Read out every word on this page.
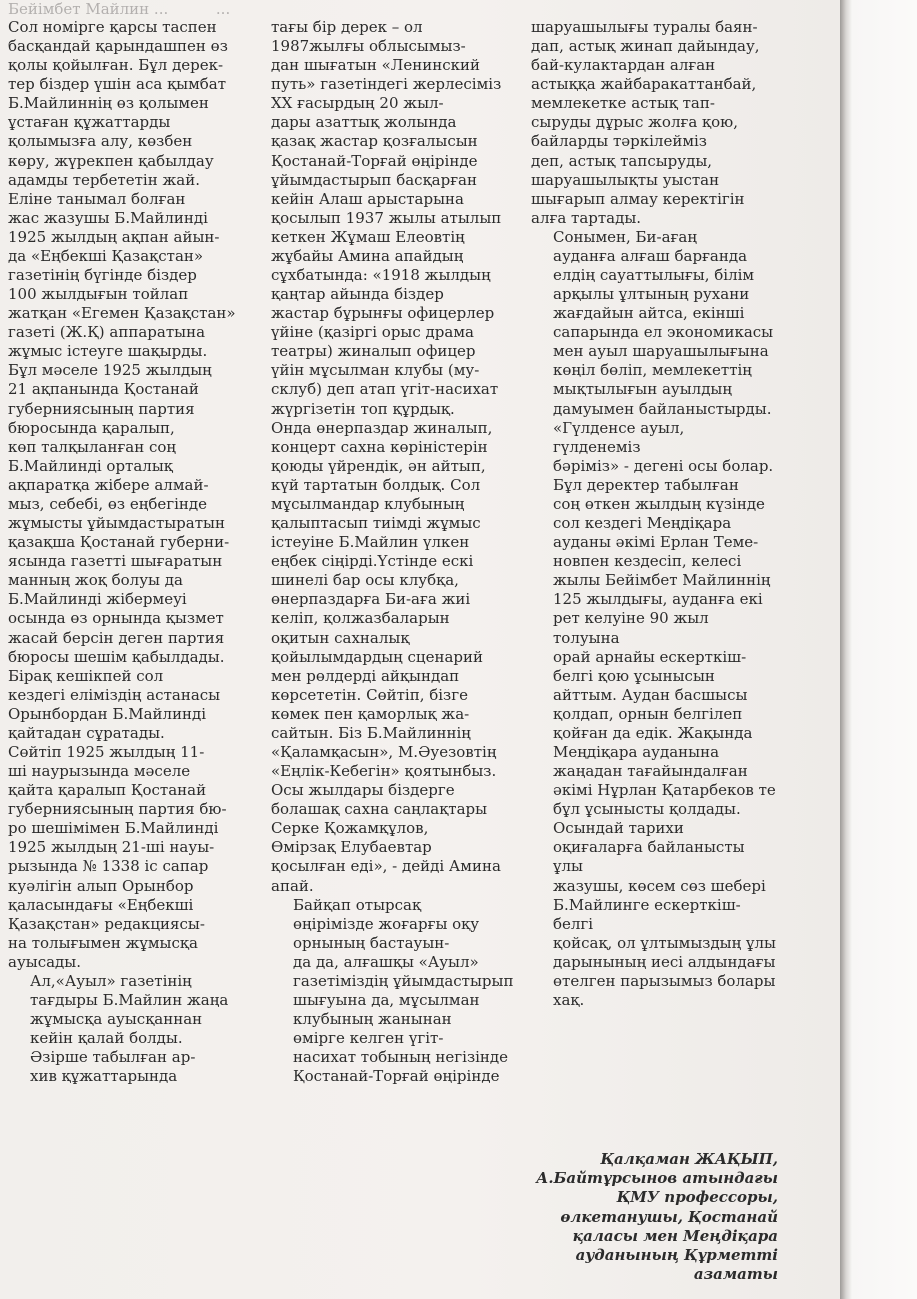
Бейімбет Майлин ...          ...

Сол номірге қарсы таспен
басқандай қарындашпен өз
қолы қойылған. Бұл дерек-
тер біздер үшін аса қымбат
Б.Майлиннің өз қолымен
ұстаған құжаттарды
қолымызға алу, көзбен
көру, жүрекпен қабылдау
адамды тербететін жай.
Еліне танымал болған
жас жазушы Б.Майлинді
1925 жылдың ақпан айын-
да «Еңбекші Қазақстан»
газетінің бүгінде біздер
100 жылдығын тойлап
жатқан «Егемен Қазақстан»
газеті (Ж.Қ) аппаратына
жұмыс істеуге шақырды.
Бұл мәселе 1925 жылдың
21 ақпанында Қостанай
губерниясының партия
бюросында қаралып,
көп талқыланған соң
Б.Майлинді орталық
ақпаратқа жібере алмай-
мыз, себебі, өз еңбегінде
жұмысты ұйымдастыратын
қазақша Қостанай губерни-
ясында газетті шығаратын
манның жоқ болуы да
Б.Майлинді жібермеуі
осында өз орнында қызмет
жасай берсін деген партия
бюросы шешім қабылдады.
Бірақ кешікпей сол
кездегі еліміздің астанасы
Орынбордан Б.Майлинді
қайтадан сұратады.
Сөйтіп 1925 жылдың 11-
ші наурызында мәселе
қайта қаралып Қостанай
губерниясының партия бю-
ро шешімімен Б.Майлинді
1925 жылдың 21-ші науы-
рызында № 1338 іс сапар
куәлігін алып Орынбор
қаласындағы «Еңбекші
Қазақстан» редакциясы-
на толығымен жұмысқа
ауысады.

Ал,«Ауыл» газетінің
тағдыры Б.Майлин жаңа
жұмысқа ауысқаннан
кейін қалай болды.
Әзірше табылған ар-
хив құжаттарында

тағы бір дерек – ол
1987жылғы облысымыз-
дан шығатын «Ленинский
путь» газетіндегі жерлесіміз
XX ғасырдың 20 жыл-
дары азаттық жолында
қазақ жастар қозғалысын
Қостанай-Торғай өңірінде
ұйымдастырып басқарған
кейін Алаш арыстарына
қосылып 1937 жылы атылып
кеткен Жұмаш Елеовтің
жұбайы Амина апайдың
сұхбатында: «1918 жылдың
қаңтар айында біздер
жастар бұрынғы офицерлер
үйіне (қазіргі орыс драма
театры) жиналып офицер
үйін мұсылман клубы (му-
склуб) деп атап үгіт-насихат
жүргізетін топ құрдық.
Онда өнерпаздар жиналып,
концерт сахна көріністерін
қоюды үйрендік, ән айтып,
күй тартатын болдық. Сол
мұсылмандар клубының
қалыптасып тиімді жұмыс
істеуіне Б.Майлин үлкен
еңбек сіңірді.Үстінде ескі
шинелі бар осы клубқа,
өнерпаздарға Би-аға жиі
келіп, қолжазбаларын
оқитын сахналық
қойылымдардың сценарий
мен рөлдерді айқындап
көрсететін. Сөйтіп, бізге
көмек пен қаморлық жа-
сайтын. Біз Б.Майлиннің
«Қаламқасын», М.Әуезовтің
«Еңлік-Кебегін» қоятынбыз.
Осы жылдары біздерге
болашақ сахна саңлақтары
Серке Қожамқұлов,
Өмірзақ Елубаевтар
қосылған еді», - дейді Амина
апай.

Байқап отырсақ
өңірімізде жоғарғы оқу
орнының бастауын-
да да, алғашқы «Ауыл»
газетіміздің ұйымдастырып
шығуына да, мұсылман
клубының жанынан
өмірге келген үгіт-
насихат тобының негізінде
Қостанай-Торғай өңірінде

шаруашылығы туралы баян-
дап, астық жинап дайындау,
бай-кулактардан алған
астыққа жайбаракаттанбай,
мемлекетке астық тап-
сыруды дұрыс жолға қою,
байларды тәркілеймiз
деп, астық тапсыруды,
шаруашылықты уыстан
шығарып алмау керектiгiн
алға тартады.

Сонымен, Би-ағаң
ауданға алғаш барғанда
елдiң сауаттылығы, бiлiм
арқылы ұлтының рухани
жағдайын айтса, екiншi
сапарында ел экономикасы
мен ауыл шаруашылығына
көңiл бөлiп, мемлекеттiң
мықтылығын ауылдың
дамуымен байланыстырды.
«Гүлденсе ауыл, гүлденемiз
бәрiмiз» - дегенi осы болар.

Бұл деректер табылған
соң өткен жылдың күзiнде
сол кездегi Меңдiқара
ауданы әкiмi Ерлан Теме-
новпен кездесiп, келесi
жылы Бейiмбет Майлиннiң
125 жылдығы, ауданға екi
рет келуiне 90 жыл толуына
орай арнайы ескерткiш-
белгi қою ұсынысын
айттым. Аудан басшысы
қолдап, орнын белгiлеп
қойған да едiк. Жақында
Меңдiқара ауданына
жаңадан тағайындалған
әкiмi Нұрлан Қатарбеков те
бұл ұсынысты қолдады.

Осындай тарихи
оқиғаларға байланысты ұлы
жазушы, көсем сөз шебері
Б.Майлинге ескерткіш-белгі
қойсақ, ол ұлтымыздың ұлы
дарынының иесі алдындағы
өтелген парызымыз болары
хақ.

Қалқаман ЖАҚЫП,
А.Байтұрсынов атындағы
ҚМУ профессоры,
өлкетанушы, Қостанай
қаласы мен Меңдіқара
ауданының Құрметті
азаматы
